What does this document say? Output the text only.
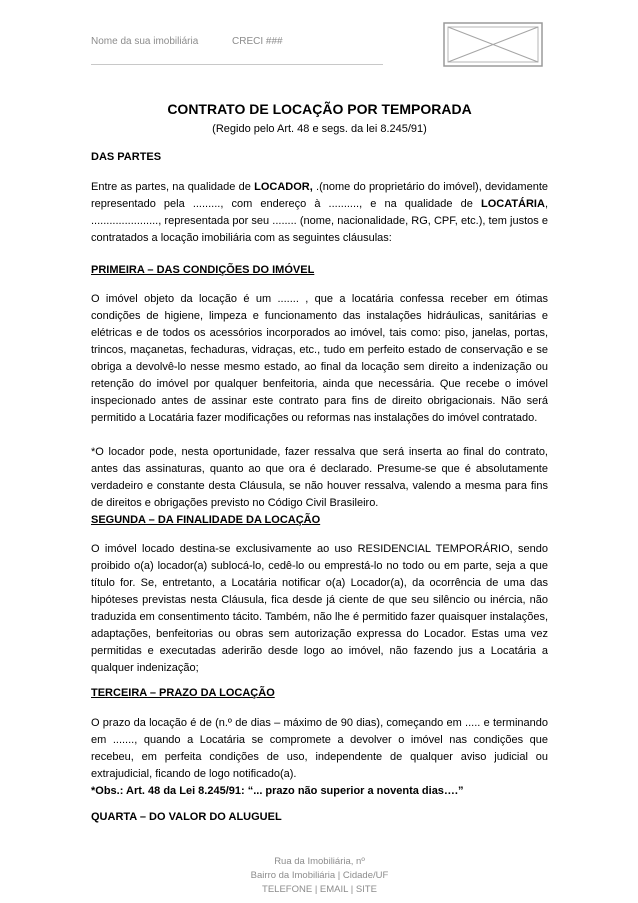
Nome da sua imobiliária	CRECI ###
CONTRATO DE LOCAÇÃO POR TEMPORADA
(Regido pelo Art. 48 e segs. da lei 8.245/91)
DAS PARTES

Entre as partes, na qualidade de LOCADOR, .(nome do proprietário do imóvel), devidamente representado pela ........., com endereço à .........., e na qualidade de LOCATÁRIA, ......................, representada por seu ........ (nome, nacionalidade, RG, CPF, etc.), tem justos e contratados a locação imobiliária com as seguintes cláusulas:

PRIMEIRA – DAS CONDIÇÕES DO IMÓVEL

O imóvel objeto da locação é um ....... , que a locatária confessa receber em ótimas condições de higiene, limpeza e funcionamento das instalações hidráulicas, sanitárias e elétricas e de todos os acessórios incorporados ao imóvel, tais como: piso, janelas, portas, trincos, maçanetas, fechaduras, vidraças, etc., tudo em perfeito estado de conservação e se obriga a devolvê-lo nesse mesmo estado, ao final da locação sem direito a indenização ou retenção do imóvel por qualquer benfeitoria, ainda que necessária. Que recebe o imóvel inspecionado antes de assinar este contrato para fins de direito obrigacionais. Não será permitido a Locatária fazer modificações ou reformas nas instalações do imóvel contratado.

*O locador pode, nesta oportunidade, fazer ressalva que será inserta ao final do contrato, antes das assinaturas, quanto ao que ora é declarado. Presume-se que é absolutamente verdadeiro e constante desta Cláusula, se não houver ressalva, valendo a mesma para fins de direitos e obrigações previsto no Código Civil Brasileiro.

SEGUNDA – DA FINALIDADE DA LOCAÇÃO

O imóvel locado destina-se exclusivamente ao uso RESIDENCIAL TEMPORÁRIO, sendo proibido o(a) locador(a) sublocá-lo, cedê-lo ou emprestá-lo no todo ou em parte, seja a que título for. Se, entretanto, a Locatária notificar o(a) Locador(a), da ocorrência de uma das hipóteses previstas nesta Cláusula, fica desde já ciente de que seu silêncio ou inércia, não traduzida em consentimento tácito. Também, não lhe é permitido fazer quaisquer instalações, adaptações, benfeitorias ou obras sem autorização expressa do Locador. Estas uma vez permitidas e executadas aderirão desde logo ao imóvel, não fazendo jus a Locatária a qualquer indenização;

TERCEIRA – PRAZO DA LOCAÇÃO

O prazo da locação é de (n.º de dias – máximo de 90 dias), começando em ..... e terminando em ......., quando a Locatária se compromete a devolver o imóvel nas condições que recebeu, em perfeita condições de uso, independente de qualquer aviso judicial ou extrajudicial, ficando de logo notificado(a).

*Obs.: Art. 48 da Lei 8.245/91: “... prazo não superior a noventa dias….”

QUARTA – DO VALOR DO ALUGUEL
Rua da Imobiliária, nº
Bairro da Imobiliária | Cidade/UF
TELEFONE | EMAIL | SITE
